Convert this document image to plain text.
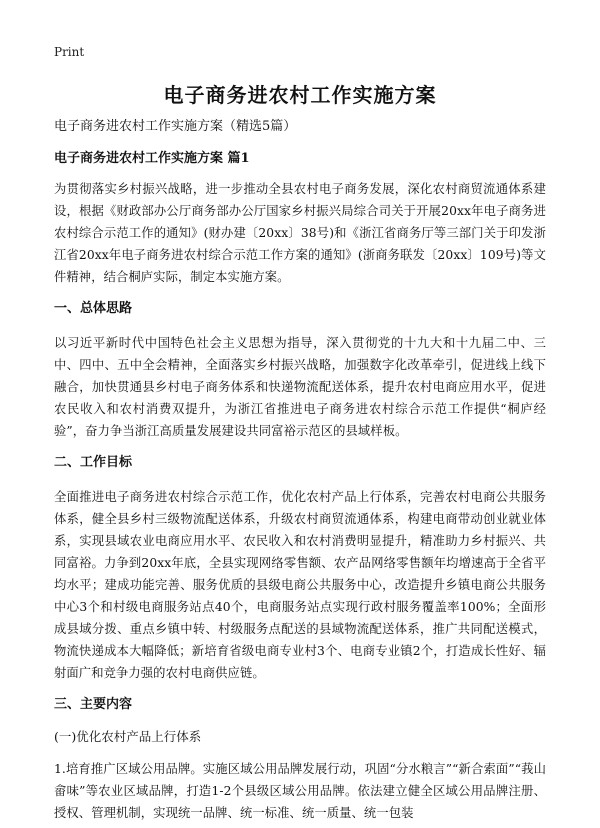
Print
电子商务进农村工作实施方案

电子商务进农村工作实施方案（精选5篇）

电子商务进农村工作实施方案 篇1

为贯彻落实乡村振兴战略，进一步推动全县农村电子商务发展，深化农村商贸流通体系建设，根据《财政部办公厅商务部办公厅国家乡村振兴局综合司关于开展20xx年电子商务进农村综合示范工作的通知》(财办建〔20xx〕38号)和《浙江省商务厅等三部门关于印发浙江省20xx年电子商务进农村综合示范工作方案的通知》(浙商务联发〔20xx〕109号)等文件精神，结合桐庐实际，制定本实施方案。

一、总体思路

以习近平新时代中国特色社会主义思想为指导，深入贯彻党的十九大和十九届二中、三中、四中、五中全会精神，全面落实乡村振兴战略，加强数字化改革牵引，促进线上线下融合，加快贯通县乡村电子商务体系和快递物流配送体系，提升农村电商应用水平，促进农民收入和农村消费双提升，为浙江省推进电子商务进农村综合示范工作提供“桐庐经验”，奋力争当浙江高质量发展建设共同富裕示范区的县域样板。

二、工作目标

全面推进电子商务进农村综合示范工作，优化农村产品上行体系，完善农村电商公共服务体系，健全县乡村三级物流配送体系，升级农村商贸流通体系，构建电商带动创业就业体系，实现县域农业电商应用水平、农民收入和农村消费明显提升，精准助力乡村振兴、共同富裕。力争到20xx年底，全县实现网络零售额、农产品网络零售额年均增速高于全省平均水平；建成功能完善、服务优质的县级电商公共服务中心，改造提升乡镇电商公共服务中心3个和村级电商服务站点40个，电商服务站点实现行政村服务覆盖率100%；全面形成县域分拨、重点乡镇中转、村级服务点配送的县域物流配送体系，推广共同配送模式，物流快递成本大幅降低；新培育省级电商专业村3个、电商专业镇2个，打造成长性好、辐射面广和竞争力强的农村电商供应链。

三、主要内容

(一)优化农村产品上行体系

1.培育推广区域公用品牌。实施区域公用品牌发展行动，巩固“分水粮言”“新合索面”“莪山畲味”等农业区域品牌，打造1-2个县级区域公用品牌。依法建立健全区域公用品牌注册、授权、管理机制，实现统一品牌、统一标准、统一质量、统一包装
